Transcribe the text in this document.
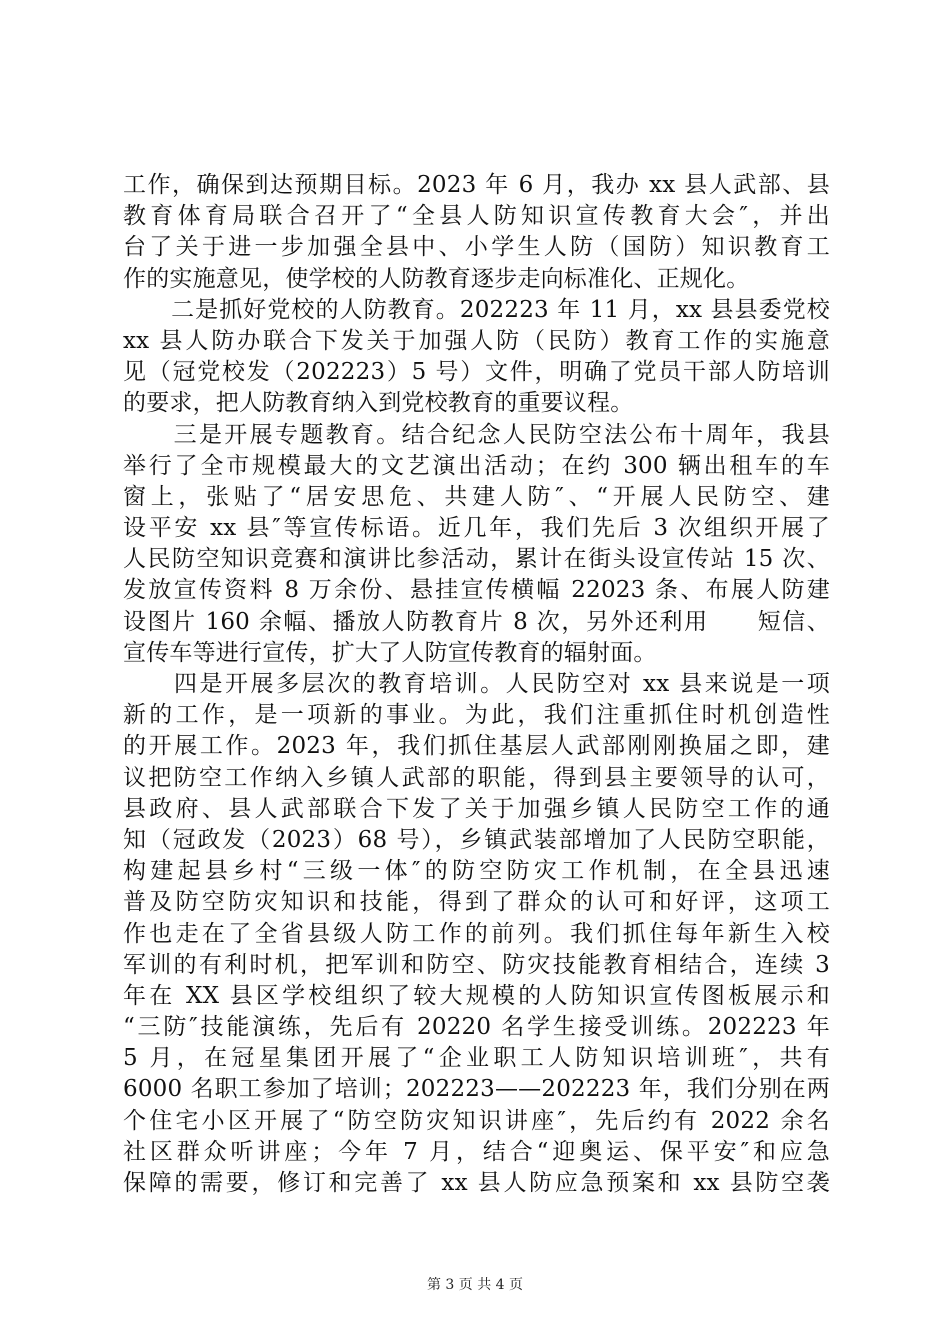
工作，确保到达预期目标。2023 年 6 月，我办 xx 县人武部、县
教育体育局联合召开了“全县人防知识宣传教育大会″，并出
台了关于进一步加强全县中、小学生人防（国防）知识教育工
作的实施意见，使学校的人防教育逐步走向标准化、正规化。
　　二是抓好党校的人防教育。202223 年 11 月，xx 县县委党校
xx 县人防办联合下发关于加强人防（民防）教育工作的实施意
见（冠党校发（202223）5 号）文件，明确了党员干部人防培训
的要求，把人防教育纳入到党校教育的重要议程。
　　三是开展专题教育。结合纪念人民防空法公布十周年，我县
举行了全市规模最大的文艺演出活动；在约 300 辆出租车的车
窗上，张贴了“居安思危、共建人防″、“开展人民防空、建
设平安 xx 县″等宣传标语。近几年，我们先后 3 次组织开展了
人民防空知识竞赛和演讲比参活动，累计在街头设宣传站 15 次、
发放宣传资料 8 万余份、悬挂宣传横幅 22023 条、布展人防建
设图片 160 余幅、播放人防教育片 8 次，另外还利用　　短信、
宣传车等进行宣传，扩大了人防宣传教育的辐射面。
　　四是开展多层次的教育培训。人民防空对 xx 县来说是一项
新的工作，是一项新的事业。为此，我们注重抓住时机创造性
的开展工作。2023 年，我们抓住基层人武部刚刚换届之即，建
议把防空工作纳入乡镇人武部的职能，得到县主要领导的认可，
县政府、县人武部联合下发了关于加强乡镇人民防空工作的通
知（冠政发（2023）68 号），乡镇武装部增加了人民防空职能，
构建起县乡村“三级一体″的防空防灾工作机制，在全县迅速
普及防空防灾知识和技能，得到了群众的认可和好评，这项工
作也走在了全省县级人防工作的前列。我们抓住每年新生入校
军训的有利时机，把军训和防空、防灾技能教育相结合，连续 3
年在 XX 县区学校组织了较大规模的人防知识宣传图板展示和
“三防″技能演练，先后有 20220 名学生接受训练。202223 年
5 月，在冠星集团开展了“企业职工人防知识培训班″，共有
6000 名职工参加了培训；202223——202223 年，我们分别在两
个住宅小区开展了“防空防灾知识讲座″，先后约有 2022 余名
社区群众听讲座；今年 7 月，结合“迎奥运、保平安″和应急
保障的需要，修订和完善了 xx 县人防应急预案和 xx 县防空袭
第 3 页 共 4 页
